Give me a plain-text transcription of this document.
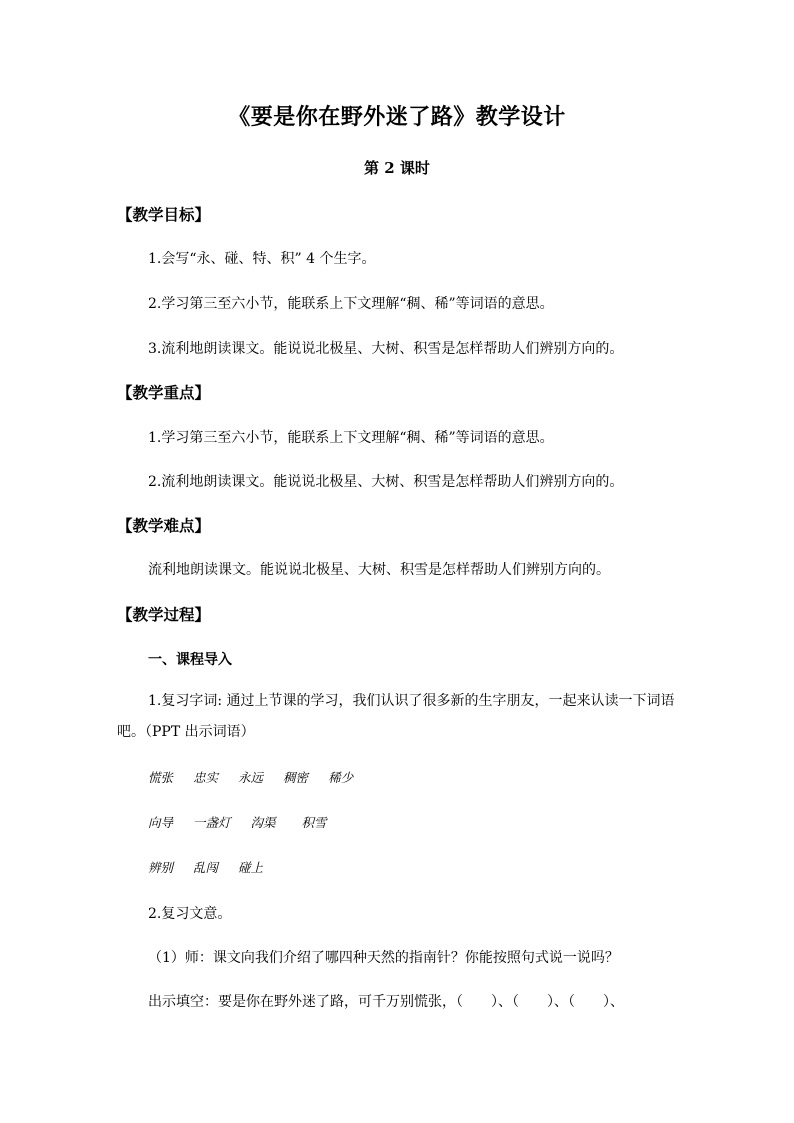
《要是你在野外迷了路》教学设计
第 2 课时
【教学目标】
1.会写“永、碰、特、积” 4 个生字。
2.学习第三至六小节，能联系上下文理解“稠、稀”等词语的意思。
3.流利地朗读课文。能说说北极星、大树、积雪是怎样帮助人们辨别方向的。
【教学重点】
1.学习第三至六小节，能联系上下文理解“稠、稀”等词语的意思。
2.流利地朗读课文。能说说北极星、大树、积雪是怎样帮助人们辨别方向的。
【教学难点】
流利地朗读课文。能说说北极星、大树、积雪是怎样帮助人们辨别方向的。
【教学过程】
一、课程导入
1.复习字词: 通过上节课的学习，我们认识了很多新的生字朋友，一起来认读一下词语吧。（PPT 出示词语）
慌张 忠实 永远 稠密 稀少
向导 一盏灯 沟渠 积雪
辨别 乱闯 碰上
2.复习文意。
（1）师：课文向我们介绍了哪四种天然的指南针？你能按照句式说一说吗？
出示填空：要是你在野外迷了路，可千万别慌张，（　　）、（　　）、（　　）、
